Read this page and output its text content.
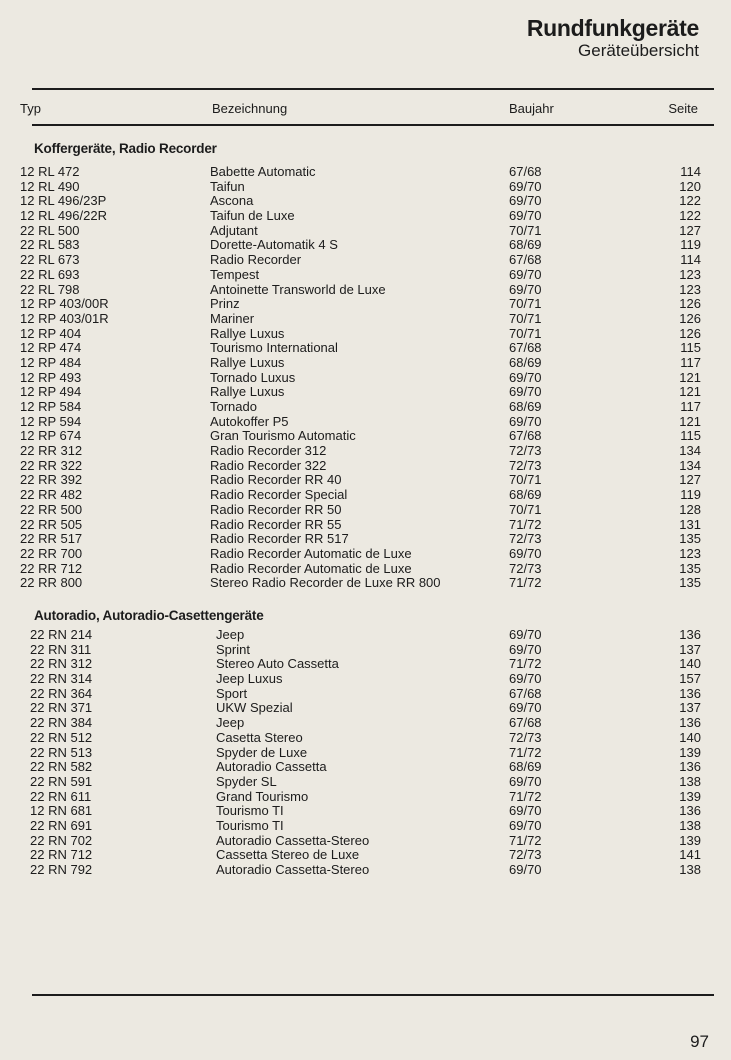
Rundfunkgeräte
Geräteübersicht
Typ	Bezeichnung	Baujahr	Seite
Koffergeräte, Radio Recorder
12 RL 472	Babette Automatic	67/68	114
12 RL 490	Taifun	69/70	120
12 RL 496/23P	Ascona	69/70	122
12 RL 496/22R	Taifun de Luxe	69/70	122
22 RL 500	Adjutant	70/71	127
22 RL 583	Dorette-Automatik 4 S	68/69	119
22 RL 673	Radio Recorder	67/68	114
22 RL 693	Tempest	69/70	123
22 RL 798	Antoinette Transworld de Luxe	69/70	123
12 RP 403/00R	Prinz	70/71	126
12 RP 403/01R	Mariner	70/71	126
12 RP 404	Rallye Luxus	70/71	126
12 RP 474	Tourismo International	67/68	115
12 RP 484	Rallye Luxus	68/69	117
12 RP 493	Tornado Luxus	69/70	121
12 RP 494	Rallye Luxus	69/70	121
12 RP 584	Tornado	68/69	117
12 RP 594	Autokoffer P5	69/70	121
12 RP 674	Gran Tourismo Automatic	67/68	115
22 RR 312	Radio Recorder 312	72/73	134
22 RR 322	Radio Recorder 322	72/73	134
22 RR 392	Radio Recorder RR 40	70/71	127
22 RR 482	Radio Recorder Special	68/69	119
22 RR 500	Radio Recorder RR 50	70/71	128
22 RR 505	Radio Recorder RR 55	71/72	131
22 RR 517	Radio Recorder RR 517	72/73	135
22 RR 700	Radio Recorder Automatic de Luxe	69/70	123
22 RR 712	Radio Recorder Automatic de Luxe	72/73	135
22 RR 800	Stereo Radio Recorder de Luxe RR 800	71/72	135
Autoradio, Autoradio-Casettengeräte
22 RN 214	Jeep	69/70	136
22 RN 311	Sprint	69/70	137
22 RN 312	Stereo Auto Cassetta	71/72	140
22 RN 314	Jeep Luxus	69/70	157
22 RN 364	Sport	67/68	136
22 RN 371	UKW Spezial	69/70	137
22 RN 384	Jeep	67/68	136
22 RN 512	Casetta Stereo	72/73	140
22 RN 513	Spyder de Luxe	71/72	139
22 RN 582	Autoradio Cassetta	68/69	136
22 RN 591	Spyder SL	69/70	138
22 RN 611	Grand Tourismo	71/72	139
12 RN 681	Tourismo TI	69/70	136
22 RN 691	Tourismo TI	69/70	138
22 RN 702	Autoradio Cassetta-Stereo	71/72	139
22 RN 712	Cassetta Stereo de Luxe	72/73	141
22 RN 792	Autoradio Cassetta-Stereo	69/70	138
97
